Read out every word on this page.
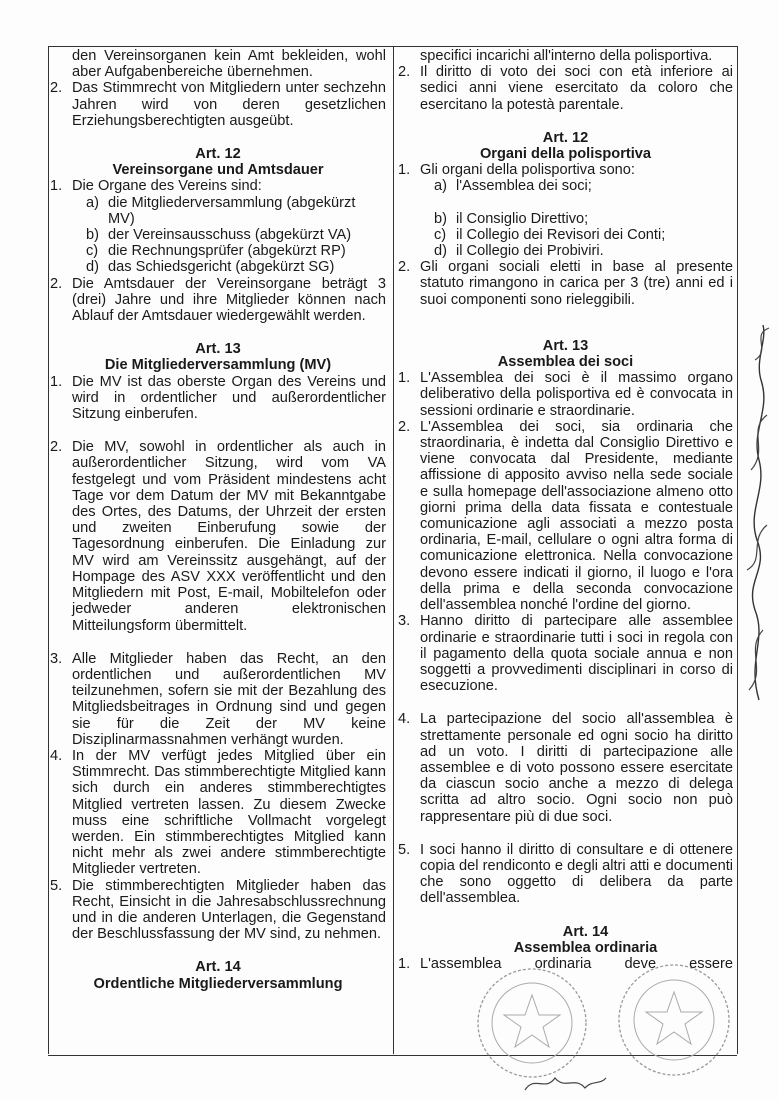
den Vereinsorganen kein Amt bekleiden, wohl aber Aufgabenbereiche übernehmen.
2. Das Stimmrecht von Mitgliedern unter sechzehn Jahren wird von deren gesetzlichen Erziehungsberechtigten ausgeübt.
Art. 12
Vereinsorgane und Amtsdauer
1. Die Organe des Vereins sind:
a) die Mitgliederversammlung (abgekürzt MV)
b) der Vereinsausschuss (abgekürzt VA)
c) die Rechnungsprüfer (abgekürzt RP)
d) das Schiedsgericht (abgekürzt SG)
2. Die Amtsdauer der Vereinsorgane beträgt 3 (drei) Jahre und ihre Mitglieder können nach Ablauf der Amtsdauer wiedergewählt werden.
Art. 13
Die Mitgliederversammlung (MV)
1. Die MV ist das oberste Organ des Vereins und wird in ordentlicher und außerordentlicher Sitzung einberufen.
2. Die MV, sowohl in ordentlicher als auch in außerordentlicher Sitzung, wird vom VA festgelegt und vom Präsident mindestens acht Tage vor dem Datum der MV mit Bekanntgabe des Ortes, des Datums, der Uhrzeit der ersten und zweiten Einberufung sowie der Tagesordnung einberufen. Die Einladung zur MV wird am Vereinssitz ausgehängt, auf der Hompage des ASV XXX veröffentlicht und den Mitgliedern mit Post, E-mail, Mobiltelefon oder jedweder anderen elektronischen Mitteilungsform übermittelt.
3. Alle Mitglieder haben das Recht, an den ordentlichen und außerordentlichen MV teilzunehmen, sofern sie mit der Bezahlung des Mitgliedsbeitrages in Ordnung sind und gegen sie für die Zeit der MV keine Disziplinarmassnahmen verhängt wurden.
4. In der MV verfügt jedes Mitglied über ein Stimmrecht. Das stimmberechtigte Mitglied kann sich durch ein anderes stimmberechtigtes Mitglied vertreten lassen. Zu diesem Zwecke muss eine schriftliche Vollmacht vorgelegt werden. Ein stimmberechtigtes Mitglied kann nicht mehr als zwei andere stimmberechtigte Mitglieder vertreten.
5. Die stimmberechtigten Mitglieder haben das Recht, Einsicht in die Jahresabschlussrechnung und in die anderen Unterlagen, die Gegenstand der Beschlussfassung der MV sind, zu nehmen.
Art. 14
Ordentliche Mitgliederversammlung
specifici incarichi all'interno della polisportiva.
2. Il diritto di voto dei soci con età inferiore ai sedici anni viene esercitato da coloro che esercitano la potestà parentale.
Art. 12
Organi della polisportiva
1. Gli organi della polisportiva sono:
a) l'Assemblea dei soci;
b) il Consiglio Direttivo;
c) il Collegio dei Revisori dei Conti;
d) il Collegio dei Probiviri.
2. Gli organi sociali eletti in base al presente statuto rimangono in carica per 3 (tre) anni ed i suoi componenti sono rieleggibili.
Art. 13
Assemblea dei soci
1. L'Assemblea dei soci è il massimo organo deliberativo della polisportiva ed è convocata in sessioni ordinarie e straordinarie.
2. L'Assemblea dei soci, sia ordinaria che straordinaria, è indetta dal Consiglio Direttivo e viene convocata dal Presidente, mediante affissione di apposito avviso nella sede sociale e sulla homepage dell'associazione almeno otto giorni prima della data fissata e contestuale comunicazione agli associati a mezzo posta ordinaria, E-mail, cellulare o ogni altra forma di comunicazione elettronica. Nella convocazione devono essere indicati il giorno, il luogo e l'ora della prima e della seconda convocazione dell'assemblea nonché l'ordine del giorno.
3. Hanno diritto di partecipare alle assemblee ordinarie e straordinarie tutti i soci in regola con il pagamento della quota sociale annua e non soggetti a provvedimenti disciplinari in corso di esecuzione.
4. La partecipazione del socio all'assemblea è strettamente personale ed ogni socio ha diritto ad un voto. I diritti di partecipazione alle assemblee e di voto possono essere esercitate da ciascun socio anche a mezzo di delega scritta ad altro socio. Ogni socio non può rappresentare più di due soci.
5. I soci hanno il diritto di consultare e di ottenere copia del rendiconto e degli altri atti e documenti che sono oggetto di delibera da parte dell'assemblea.
Art. 14
Assemblea ordinaria
1. L'assemblea ordinaria deve essere
